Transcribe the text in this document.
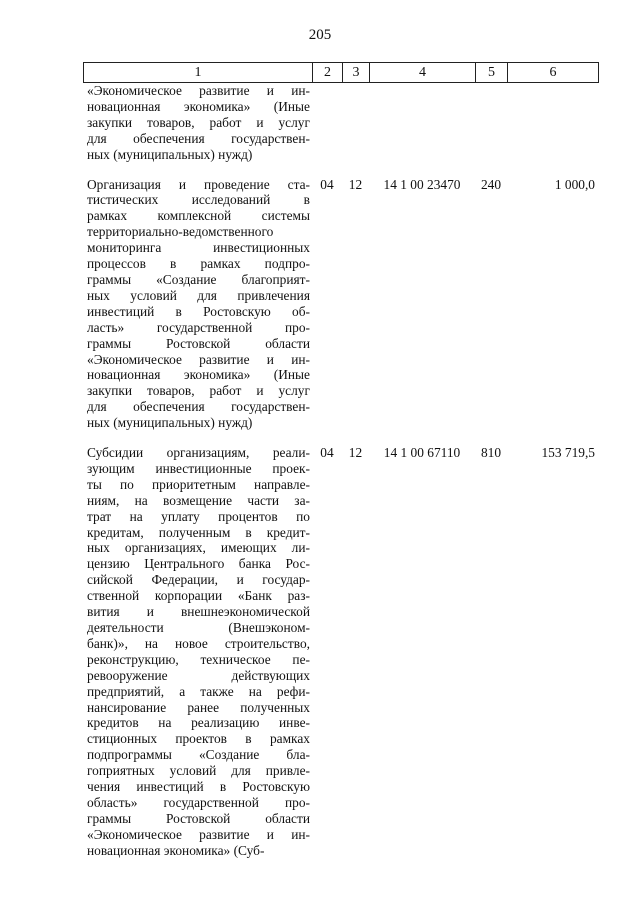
205
1	2	3	4	5	6
«Экономическое развитие и ин-
новационная экономика» (Иные
закупки товаров, работ и услуг
для обеспечения государствен-
ных (муниципальных) нужд)
Организация и проведение ста-
тистических исследований в
рамках комплексной системы
территориально-ведомственного
мониторинга инвестиционных
процессов в рамках подпро-
граммы «Создание благоприят-
ных условий для привлечения
инвестиций в Ростовскую об-
ласть» государственной про-
граммы Ростовской области
«Экономическое развитие и ин-
новационная экономика» (Иные
закупки товаров, работ и услуг
для обеспечения государствен-
ных (муниципальных) нужд)
04	12	14 1 00 23470	240	1 000,0
Субсидии организациям, реали-
зующим инвестиционные проек-
ты по приоритетным направле-
ниям, на возмещение части за-
трат на уплату процентов по
кредитам, полученным в кредит-
ных организациях, имеющих ли-
цензию Центрального банка Рос-
сийской Федерации, и государ-
ственной корпорации «Банк раз-
вития и внешнеэкономической
деятельности (Внешэконом-
банк)», на новое строительство,
реконструкцию, техническое пе-
ревооружение действующих
предприятий, а также на рефи-
нансирование ранее полученных
кредитов на реализацию инве-
стиционных проектов в рамках
подпрограммы «Создание бла-
гоприятных условий для привле-
чения инвестиций в Ростовскую
область» государственной про-
граммы Ростовской области
«Экономическое развитие и ин-
новационная экономика» (Суб-
04	12	14 1 00 67110	810	153 719,5
